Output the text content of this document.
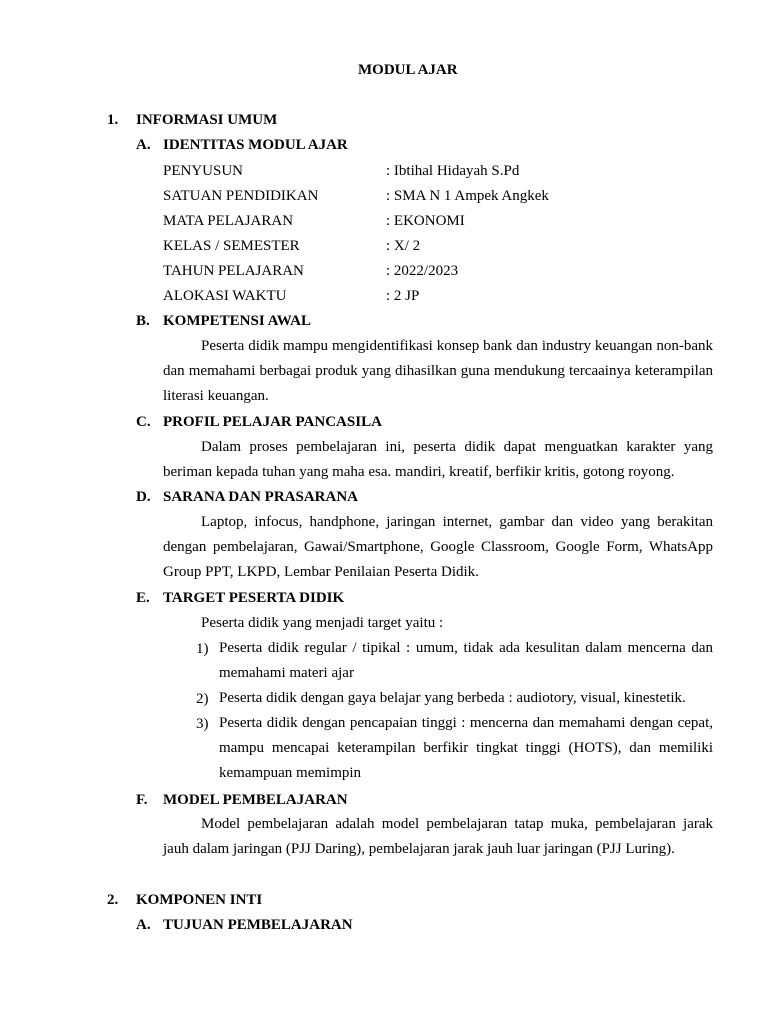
MODUL AJAR
1. INFORMASI UMUM
A. IDENTITAS MODUL AJAR
PENYUSUN	: Ibtihal Hidayah S.Pd
SATUAN PENDIDIKAN	: SMA N 1 Ampek Angkek
MATA PELAJARAN	: EKONOMI
KELAS / SEMESTER	: X/ 2
TAHUN PELAJARAN	: 2022/2023
ALOKASI WAKTU	: 2 JP
B. KOMPETENSI AWAL
Peserta didik mampu mengidentifikasi konsep bank dan industry keuangan non-bank dan memahami berbagai produk yang dihasilkan guna mendukung tercaainya keterampilan literasi keuangan.
C. PROFIL PELAJAR PANCASILA
Dalam proses pembelajaran ini, peserta didik dapat menguatkan karakter yang beriman kepada tuhan yang maha esa. mandiri, kreatif, berfikir kritis, gotong royong.
D. SARANA DAN PRASARANA
Laptop, infocus, handphone, jaringan internet, gambar dan video yang berakitan dengan pembelajaran, Gawai/Smartphone, Google Classroom, Google Form, WhatsApp Group PPT, LKPD, Lembar Penilaian Peserta Didik.
E. TARGET PESERTA DIDIK
Peserta didik yang menjadi target yaitu :
1) Peserta didik regular / tipikal : umum, tidak ada kesulitan dalam mencerna dan memahami materi ajar
2) Peserta didik dengan gaya belajar yang berbeda : audiotory, visual, kinestetik.
3) Peserta didik dengan pencapaian tinggi : mencerna dan memahami dengan cepat, mampu mencapai keterampilan berfikir tingkat tinggi (HOTS), dan memiliki kemampuan memimpin
F. MODEL PEMBELAJARAN
Model pembelajaran adalah model pembelajaran tatap muka, pembelajaran jarak jauh dalam jaringan (PJJ Daring), pembelajaran jarak jauh luar jaringan (PJJ Luring).
2. KOMPONEN INTI
A. TUJUAN PEMBELAJARAN
